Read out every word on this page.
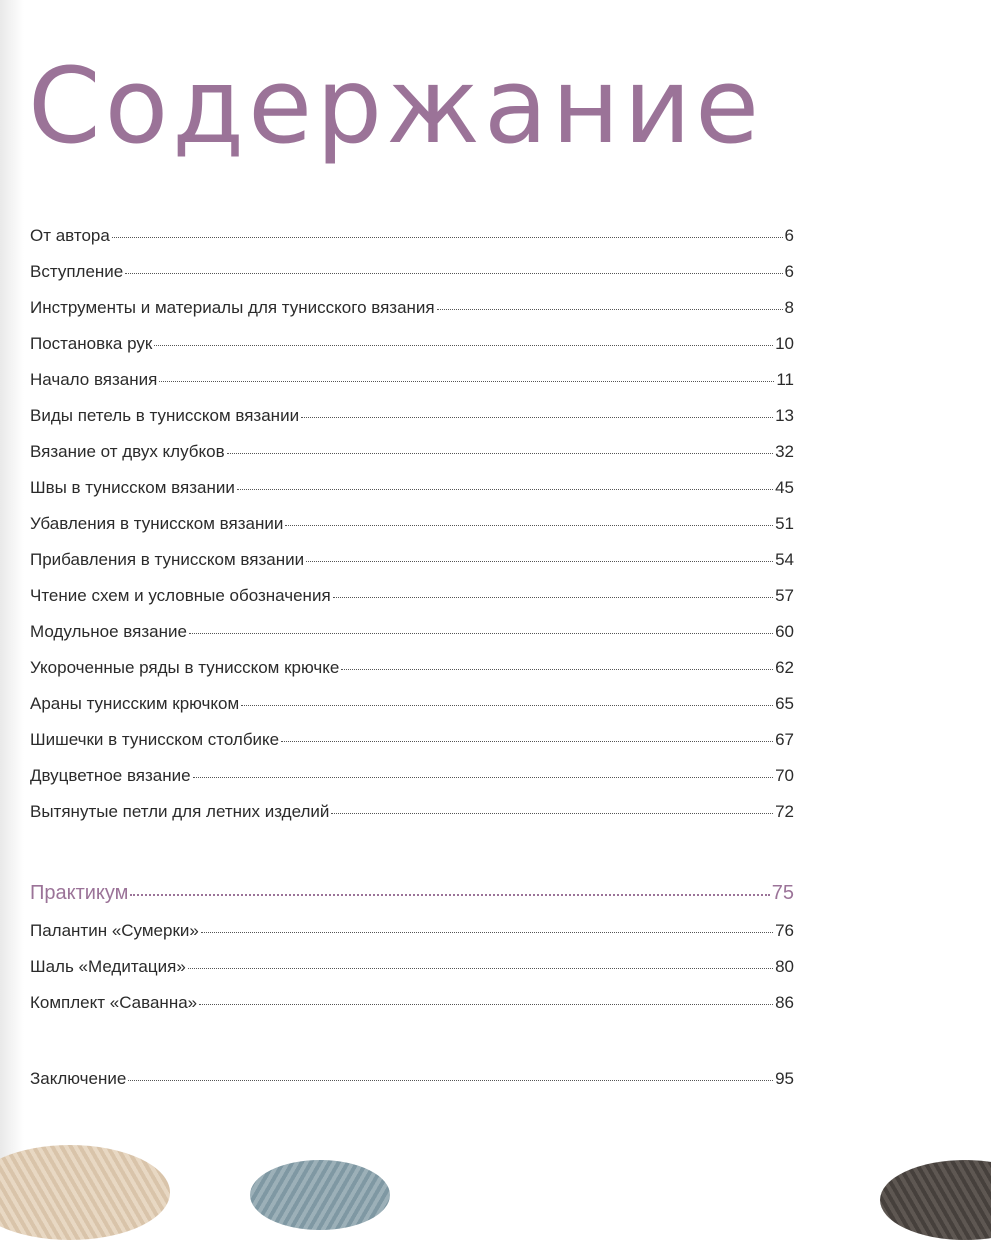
Содержание
От автора	6
Вступление	6
Инструменты и материалы для тунисского вязания	8
Постановка рук	10
Начало вязания	11
Виды петель в тунисском вязании	13
Вязание от двух клубков	32
Швы в тунисском вязании	45
Убавления в тунисском вязании	51
Прибавления в тунисском вязании	54
Чтение схем и условные обозначения	57
Модульное вязание	60
Укороченные ряды в тунисском крючке	62
Араны тунисским крючком	65
Шишечки в тунисском столбике	67
Двуцветное вязание	70
Вытянутые петли для летних изделий	72
Практикум	75
Палантин «Сумерки»	76
Шаль «Медитация»	80
Комплект «Саванна»	86
Заключение	95
